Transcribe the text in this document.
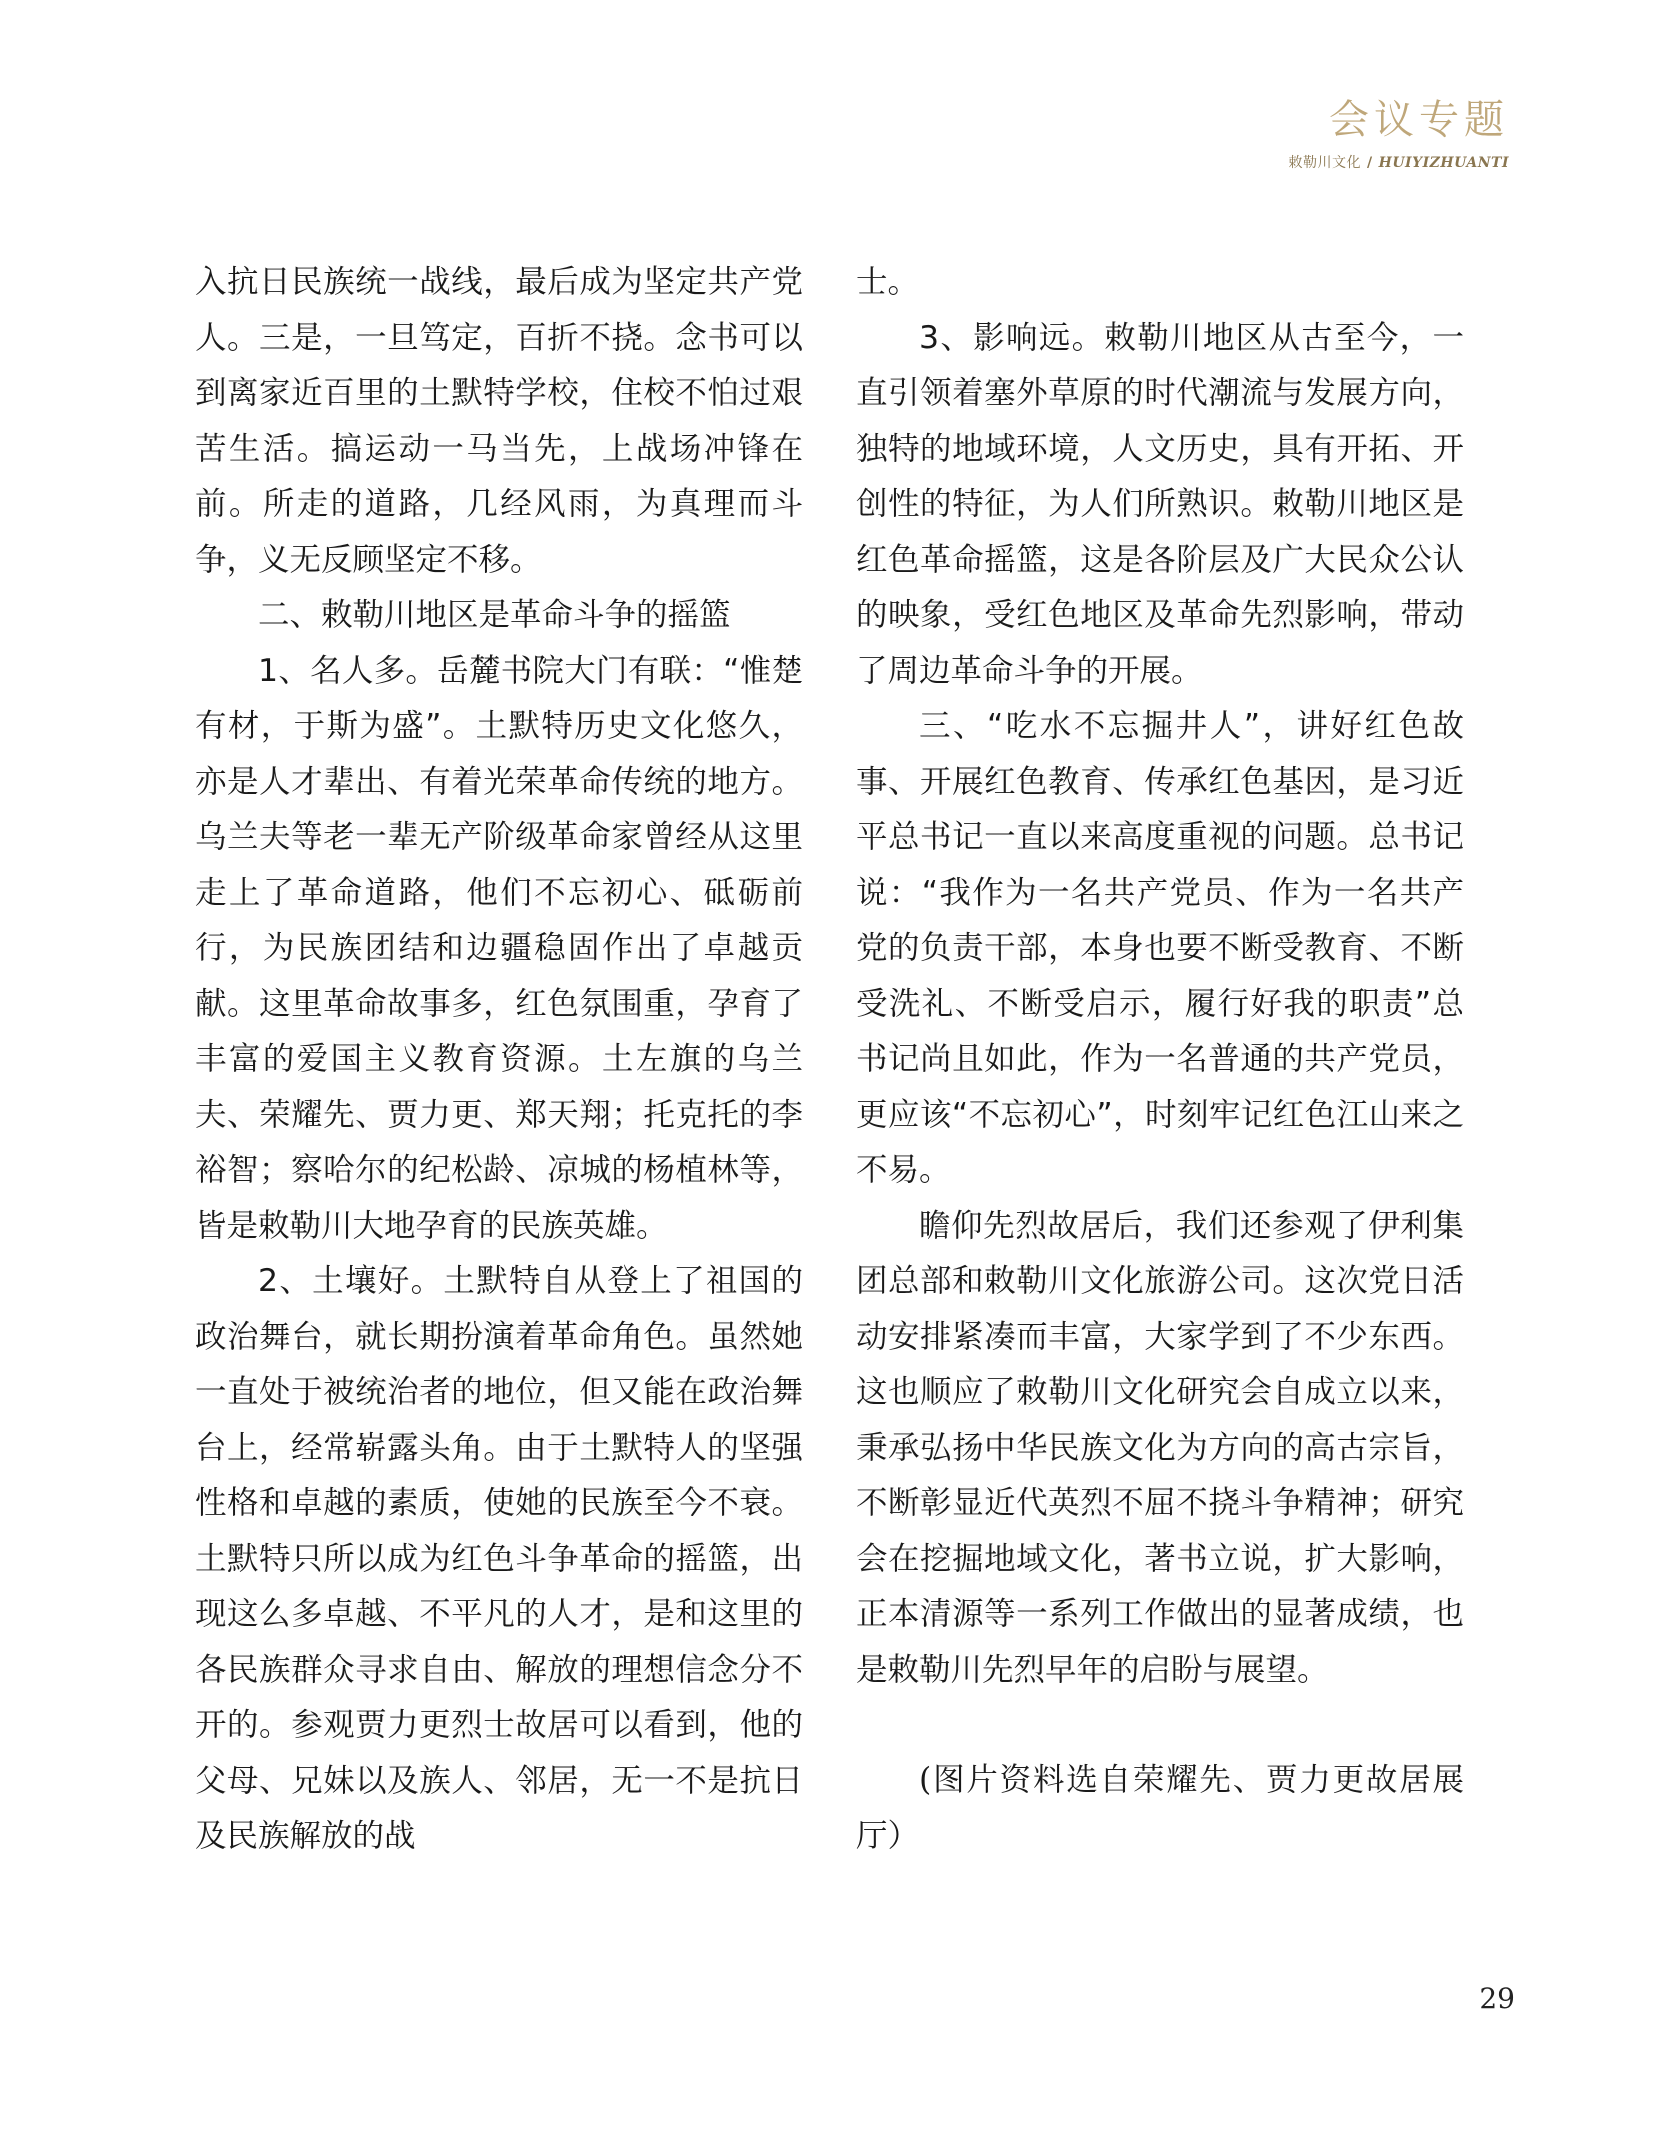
会议专题
敕勒川文化 / HUIYIZHUANTI

入抗日民族统一战线，最后成为坚定共产党人。三是，一旦笃定，百折不挠。念书可以到离家近百里的土默特学校，住校不怕过艰苦生活。搞运动一马当先，上战场冲锋在前。所走的道路，几经风雨，为真理而斗争，义无反顾坚定不移。

二、敕勒川地区是革命斗争的摇篮

1、名人多。岳麓书院大门有联：“惟楚有材，于斯为盛”。土默特历史文化悠久，亦是人才辈出、有着光荣革命传统的地方。乌兰夫等老一辈无产阶级革命家曾经从这里走上了革命道路，他们不忘初心、砥砺前行，为民族团结和边疆稳固作出了卓越贡献。这里革命故事多，红色氛围重，孕育了丰富的爱国主义教育资源。土左旗的乌兰夫、荣耀先、贾力更、郑天翔；托克托的李裕智；察哈尔的纪松龄、凉城的杨植林等，皆是敕勒川大地孕育的民族英雄。

2、土壤好。土默特自从登上了祖国的政治舞台，就长期扮演着革命角色。虽然她一直处于被统治者的地位，但又能在政治舞台上，经常崭露头角。由于土默特人的坚强性格和卓越的素质，使她的民族至今不衰。土默特只所以成为红色斗争革命的摇篮，出现这么多卓越、不平凡的人才，是和这里的各民族群众寻求自由、解放的理想信念分不开的。参观贾力更烈士故居可以看到，他的父母、兄妹以及族人、邻居，无一不是抗日及民族解放的战

士。

3、影响远。敕勒川地区从古至今，一直引领着塞外草原的时代潮流与发展方向，独特的地域环境，人文历史，具有开拓、开创性的特征，为人们所熟识。敕勒川地区是红色革命摇篮，这是各阶层及广大民众公认的映象，受红色地区及革命先烈影响，带动了周边革命斗争的开展。

三、“吃水不忘掘井人”，讲好红色故事、开展红色教育、传承红色基因，是习近平总书记一直以来高度重视的问题。总书记说：“我作为一名共产党员、作为一名共产党的负责干部，本身也要不断受教育、不断受洗礼、不断受启示，履行好我的职责”总书记尚且如此，作为一名普通的共产党员，更应该“不忘初心”，时刻牢记红色江山来之不易。

瞻仰先烈故居后，我们还参观了伊利集团总部和敕勒川文化旅游公司。这次党日活动安排紧凑而丰富，大家学到了不少东西。这也顺应了敕勒川文化研究会自成立以来，秉承弘扬中华民族文化为方向的高古宗旨，不断彰显近代英烈不屈不挠斗争精神；研究会在挖掘地域文化，著书立说，扩大影响，正本清源等一系列工作做出的显著成绩，也是敕勒川先烈早年的启盼与展望。

(图片资料选自荣耀先、贾力更故居展厅）

29
